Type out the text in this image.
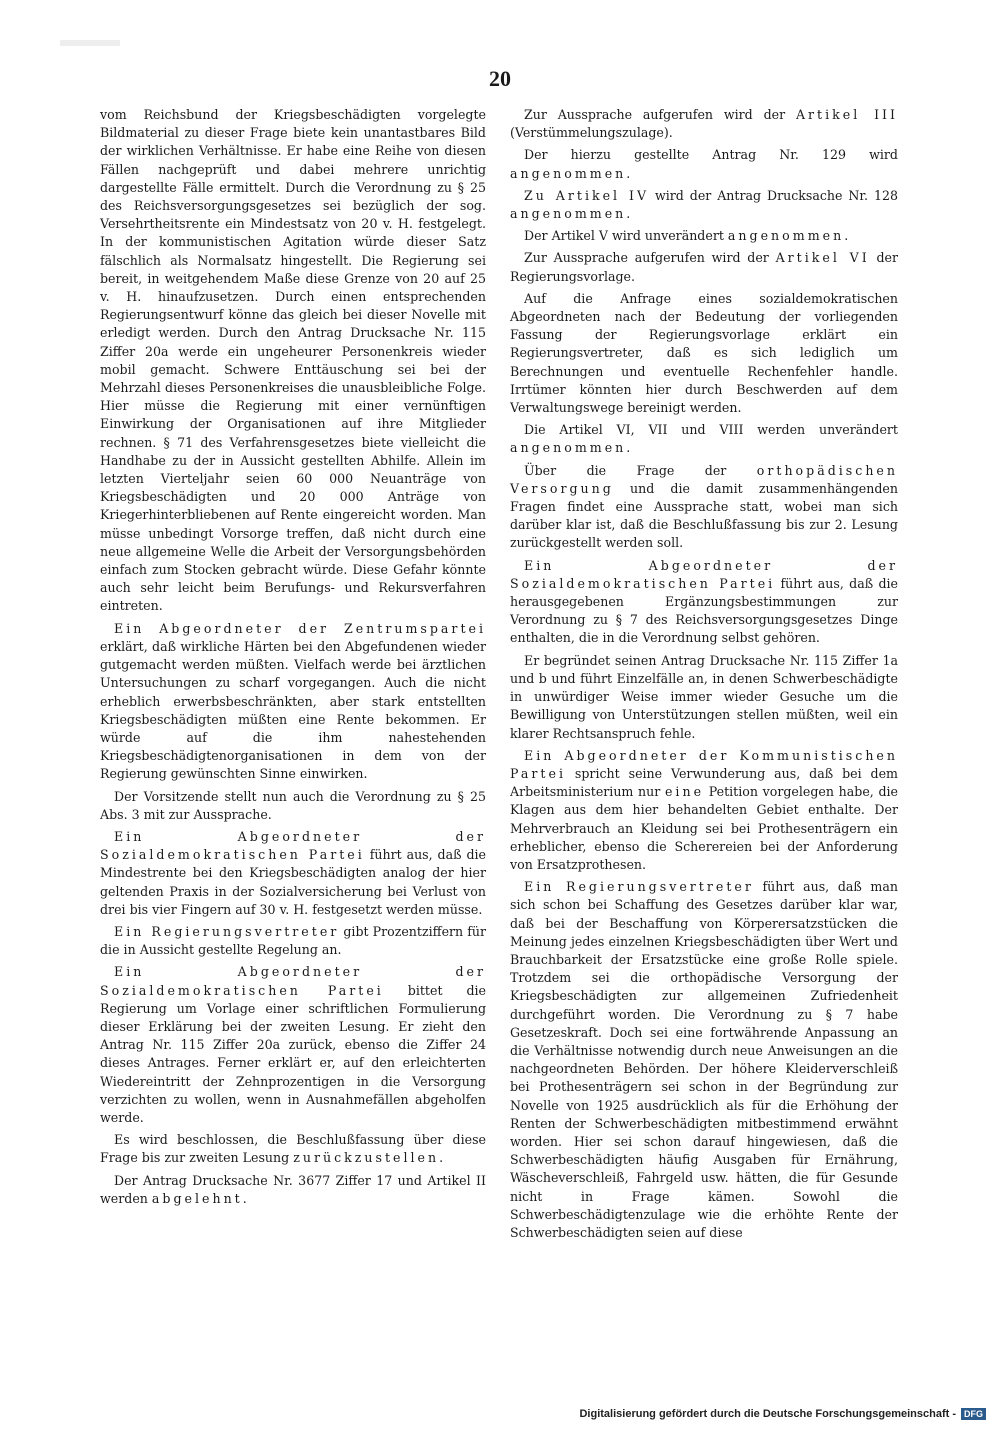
20

vom Reichsbund der Kriegsbeschädigten vorgelegte Bildmaterial zu dieser Frage biete kein unantastbares Bild der wirklichen Verhältnisse. Er habe eine Reihe von diesen Fällen nachgeprüft und dabei mehrere unrichtig dargestellte Fälle ermittelt. Durch die Verordnung zu § 25 des Reichsversorgungsgesetzes sei bezüglich der sog. Versehrtheitsrente ein Mindestsatz von 20 v. H. festgelegt. In der kommunistischen Agitation würde dieser Satz fälschlich als Normalsatz hingestellt. Die Regierung sei bereit, in weitgehendem Maße diese Grenze von 20 auf 25 v. H. hinaufzusetzen. Durch einen entsprechenden Regierungsentwurf könne das gleich bei dieser Novelle mit erledigt werden. Durch den Antrag Drucksache Nr. 115 Ziffer 20a werde ein ungeheurer Personenkreis wieder mobil gemacht. Schwere Enttäuschung sei bei der Mehrzahl dieses Personenkreises die unausbleibliche Folge. Hier müsse die Regierung mit einer vernünftigen Einwirkung der Organisationen auf ihre Mitglieder rechnen. § 71 des Verfahrensgesetzes biete vielleicht die Handhabe zu der in Aussicht gestellten Abhilfe. Allein im letzten Vierteljahr seien 60 000 Neuanträge von Kriegsbeschädigten und 20 000 Anträge von Kriegerhinterbliebenen auf Rente eingereicht worden. Man müsse unbedingt Vorsorge treffen, daß nicht durch eine neue allgemeine Welle die Arbeit der Versorgungsbehörden einfach zum Stocken gebracht würde. Diese Gefahr könnte auch sehr leicht beim Berufungs- und Rekursverfahren eintreten.

Ein Abgeordneter der Zentrumspartei erklärt, daß wirkliche Härten bei den Abgefundenen wieder gutgemacht werden müßten. Vielfach werde bei ärztlichen Untersuchungen zu scharf vorgegangen. Auch die nicht erheblich erwerbsbeschränkten, aber stark entstellten Kriegsbeschädigten müßten eine Rente bekommen. Er würde auf die ihm nahestehenden Kriegsbeschädigtenorganisationen in dem von der Regierung gewünschten Sinne einwirken.

Der Vorsitzende stellt nun auch die Verordnung zu § 25 Abs. 3 mit zur Aussprache.

Ein Abgeordneter der Sozialdemokratischen Partei führt aus, daß die Mindestrente bei den Kriegsbeschädigten analog der hier geltenden Praxis in der Sozialversicherung bei Verlust von drei bis vier Fingern auf 30 v. H. festgesetzt werden müsse.

Ein Regierungsvertreter gibt Prozentziffern für die in Aussicht gestellte Regelung an.

Ein Abgeordneter der Sozialdemokratischen Partei bittet die Regierung um Vorlage einer schriftlichen Formulierung dieser Erklärung bei der zweiten Lesung. Er zieht den Antrag Nr. 115 Ziffer 20a zurück, ebenso die Ziffer 24 dieses Antrages. Ferner erklärt er, auf den erleichterten Wiedereintritt der Zehnprozentigen in die Versorgung verzichten zu wollen, wenn in Ausnahmefällen abgeholfen werde.

Es wird beschlossen, die Beschlußfassung über diese Frage bis zur zweiten Lesung zurückzustellen.

Der Antrag Drucksache Nr. 3677 Ziffer 17 und Artikel II werden abgelehnt.

Zur Aussprache aufgerufen wird der Artikel III (Verstümmelungszulage).

Der hierzu gestellte Antrag Nr. 129 wird angenommen.

Zu Artikel IV wird der Antrag Drucksache Nr. 128 angenommen.

Der Artikel V wird unverändert angenommen.

Zur Aussprache aufgerufen wird der Artikel VI der Regierungsvorlage.

Auf die Anfrage eines sozialdemokratischen Abgeordneten nach der Bedeutung der vorliegenden Fassung der Regierungsvorlage erklärt ein Regierungsvertreter, daß es sich lediglich um Berechnungen und eventuelle Rechenfehler handle. Irrtümer könnten hier durch Beschwerden auf dem Verwaltungswege bereinigt werden.

Die Artikel VI, VII und VIII werden unverändert angenommen.

Über die Frage der orthopädischen Versorgung und die damit zusammenhängenden Fragen findet eine Aussprache statt, wobei man sich darüber klar ist, daß die Beschlußfassung bis zur 2. Lesung zurückgestellt werden soll.

Ein Abgeordneter der Sozialdemokratischen Partei führt aus, daß die herausgegebenen Ergänzungsbestimmungen zur Verordnung zu § 7 des Reichsversorgungsgesetzes Dinge enthalten, die in die Verordnung selbst gehören.

Er begründet seinen Antrag Drucksache Nr. 115 Ziffer 1a und b und führt Einzelfälle an, in denen Schwerbeschädigte in unwürdiger Weise immer wieder Gesuche um die Bewilligung von Unterstützungen stellen müßten, weil ein klarer Rechtsanspruch fehle.

Ein Abgeordneter der Kommunistischen Partei spricht seine Verwunderung aus, daß bei dem Arbeitsministerium nur eine Petition vorgelegen habe, die Klagen aus dem hier behandelten Gebiet enthalte. Der Mehrverbrauch an Kleidung sei bei Prothesenträgern ein erheblicher, ebenso die Scherereien bei der Anforderung von Ersatzprothesen.

Ein Regierungsvertreter führt aus, daß man sich schon bei Schaffung des Gesetzes darüber klar war, daß bei der Beschaffung von Körperersatzstücken die Meinung jedes einzelnen Kriegsbeschädigten über Wert und Brauchbarkeit der Ersatzstücke eine große Rolle spiele. Trotzdem sei die orthopädische Versorgung der Kriegsbeschädigten zur allgemeinen Zufriedenheit durchgeführt worden. Die Verordnung zu § 7 habe Gesetzeskraft. Doch sei eine fortwährende Anpassung an die Verhältnisse notwendig durch neue Anweisungen an die nachgeordneten Behörden. Der höhere Kleiderverschleiß bei Prothesenträgern sei schon in der Begründung zur Novelle von 1925 ausdrücklich als für die Erhöhung der Renten der Schwerbeschädigten mitbestimmend erwähnt worden. Hier sei schon darauf hingewiesen, daß die Schwerbeschädigten häufig Ausgaben für Ernährung, Wäscheverschleiß, Fahrgeld usw. hätten, die für Gesunde nicht in Frage kämen. Sowohl die Schwerbeschädigtenzulage wie die erhöhte Rente der Schwerbeschädigten seien auf diese

Digitalisierung gefördert durch die Deutsche Forschungsgemeinschaft - DFG
